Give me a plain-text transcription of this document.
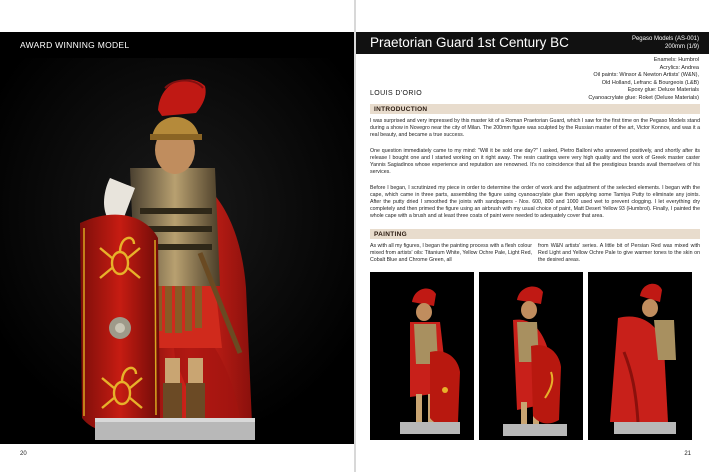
AWARD WINNING MODEL
20
Praetorian Guard 1st Century BC	Pegaso Models (AS-001)
200mm (1/9)
Enamels: Humbrol
Acrylics: Andrea
Oil paints: Winsor & Newton Artists' (W&N),
Old Holland, Lefranc & Bourgeois (L&B)
Epoxy glue: Deluxe Materials
Cyanoacrylate glue: Roket (Deluxe Materials)
LOUIS D'ORIO
INTRODUCTION

I was surprised and very impressed by this master kit of a Roman Praetorian Guard, which I saw for the first time on the Pegaso Models stand during a show in Novegro near the city of Milan. The 200mm figure was sculpted by the Russian master of the art, Victor Konnov, and was it a real beauty, and became a true success.

One question immediately came to my mind: "Will it be sold one day?" I asked, Pietro Balloni who answered positively, and shortly after its release I bought one and I started working on it right away. The resin castings were very high quality and the work of Greek master caster Yannis Sagiadinos whose experience and reputation are renowned. It's no coincidence that all the prestigious brands avail themselves of his services.

Before I began, I scrutinized my piece in order to determine the order of work and the adjustment of the selected elements. I began with the cape, which came in three parts, assembling the figure using cyanoacrylate glue then applying some Tamiya Putty to eliminate any joints. After the putty dried I smoothed the joints with sandpapers - Nos. 600, 800 and 1000 used wet to prevent clogging. I let everything dry completely and then primed the figure using an airbrush with my usual choice of paint, Matt Desert Yellow 93 (Humbrol). Finally, I painted the whole cape with a brush and at least three coats of paint were needed to adequately cover that area.

PAINTING

As with all my figures, I began the painting process with a flesh colour mixed from artists' oils: Titanium White, Yellow Ochre Pale, Light Red, Cobalt Blue and Chrome Green, all

from W&N artists' series. A little bit of Persian Red was mixed with Red Light and Yellow Ochre Pale to give warmer tones to the skin on the desired areas.

21
